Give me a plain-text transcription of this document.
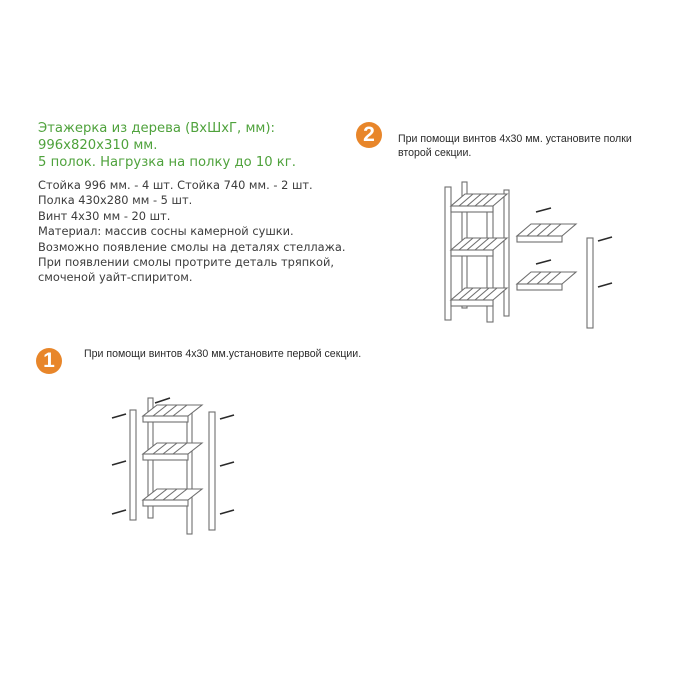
Этажерка из дерева (ВхШхГ, мм):
996х820х310 мм.
5 полок. Нагрузка на полку до 10 кг.
Стойка 996 мм. - 4 шт. Стойка 740 мм. - 2 шт.
Полка 430х280 мм - 5 шт.
Винт 4х30 мм - 20 шт.
Материал: массив сосны камерной сушки.
Возможно появление смолы на деталях стеллажа.
При появлении смолы протрите деталь тряпкой,
смоченой уайт-спиритом.
2	При помощи винтов 4х30 мм. установите полки второй секции.
1	При помощи винтов 4х30 мм.установите первой секции.
